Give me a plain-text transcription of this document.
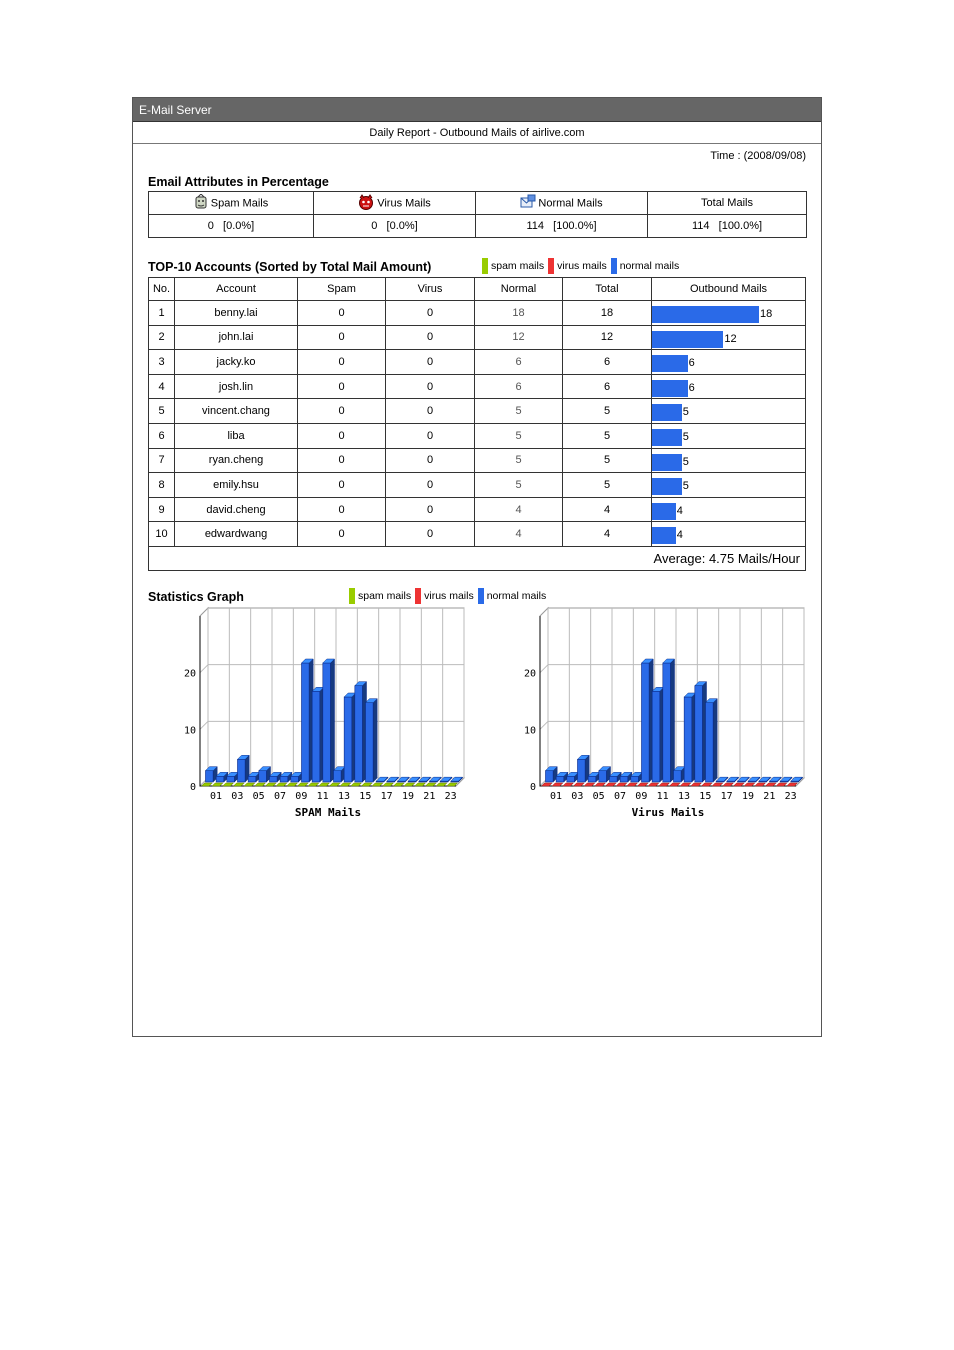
E-Mail Server
Daily Report - Outbound Mails of airlive.com
Time : (2008/09/08)
Email Attributes in Percentage
Spam Mails	Virus Mails	Normal Mails	Total Mails
0   [0.0%]	0   [0.0%]	114   [100.0%]	114   [100.0%]
TOP-10 Accounts (Sorted by Total Mail Amount)	spam mails virus mails normal mails
No.	Account	Spam	Virus	Normal	Total	Outbound Mails
1	benny.lai	0	0	18	18	18

2	john.lai	0	0	12	12	12

3	jacky.ko	0	0	6	6	6

4	josh.lin	0	0	6	6	6

5	vincent.chang	0	0	5	5	5

6	liba	0	0	5	5	5

7	ryan.cheng	0	0	5	5	5

8	emily.hsu	0	0	5	5	5

9	david.cheng	0	0	4	4	4

10	edwardwang	0	0	4	4	4

Average: 4.75 Mails/Hour						
Statistics Graph	spam mails virus mails normal mails
0
10
20
01 03 05 07 09 11 13 15 17 19 21 23
SPAM Mails
0
10
20
01 03 05 07 09 11 13 15 17 19 21 23
Virus Mails
